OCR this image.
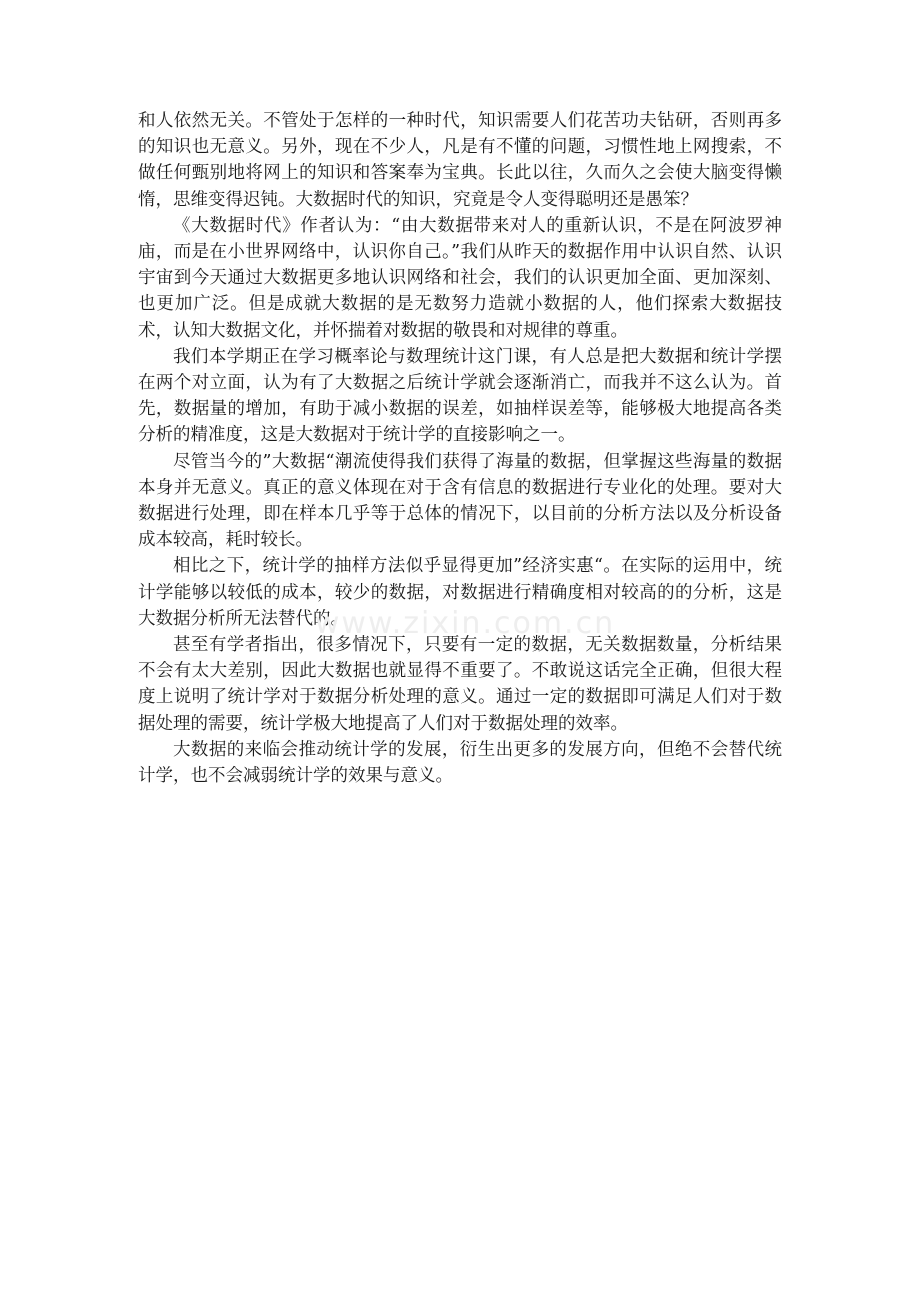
和人依然无关。不管处于怎样的一种时代，知识需要人们花苦功夫钻研，否则再多的知识也无意义。另外，现在不少人，凡是有不懂的问题，习惯性地上网搜索，不做任何甄别地将网上的知识和答案奉为宝典。长此以往，久而久之会使大脑变得懒惰，思维变得迟钝。大数据时代的知识，究竟是令人变得聪明还是愚笨？

《大数据时代》作者认为：“由大数据带来对人的重新认识，不是在阿波罗神庙，而是在小世界网络中，认识你自己。”我们从昨天的数据作用中认识自然、认识宇宙到今天通过大数据更多地认识网络和社会，我们的认识更加全面、更加深刻、也更加广泛。但是成就大数据的是无数努力造就小数据的人，他们探索大数据技术，认知大数据文化，并怀揣着对数据的敬畏和对规律的尊重。

我们本学期正在学习概率论与数理统计这门课，有人总是把大数据和统计学摆在两个对立面，认为有了大数据之后统计学就会逐渐消亡，而我并不这么认为。首先，数据量的增加，有助于减小数据的误差，如抽样误差等，能够极大地提高各类分析的精准度，这是大数据对于统计学的直接影响之一。

尽管当今的”大数据“潮流使得我们获得了海量的数据，但掌握这些海量的数据本身并无意义。真正的意义体现在对于含有信息的数据进行专业化的处理。要对大数据进行处理，即在样本几乎等于总体的情况下，以目前的分析方法以及分析设备成本较高，耗时较长。

相比之下，统计学的抽样方法似乎显得更加”经济实惠“。在实际的运用中，统计学能够以较低的成本，较少的数据，对数据进行精确度相对较高的的分析，这是大数据分析所无法替代的。

甚至有学者指出，很多情况下，只要有一定的数据，无关数据数量，分析结果不会有太大差别，因此大数据也就显得不重要了。不敢说这话完全正确，但很大程度上说明了统计学对于数据分析处理的意义。通过一定的数据即可满足人们对于数据处理的需要，统计学极大地提高了人们对于数据处理的效率。

大数据的来临会推动统计学的发展，衍生出更多的发展方向，但绝不会替代统计学，也不会减弱统计学的效果与意义。

www.zixin.com.cn
